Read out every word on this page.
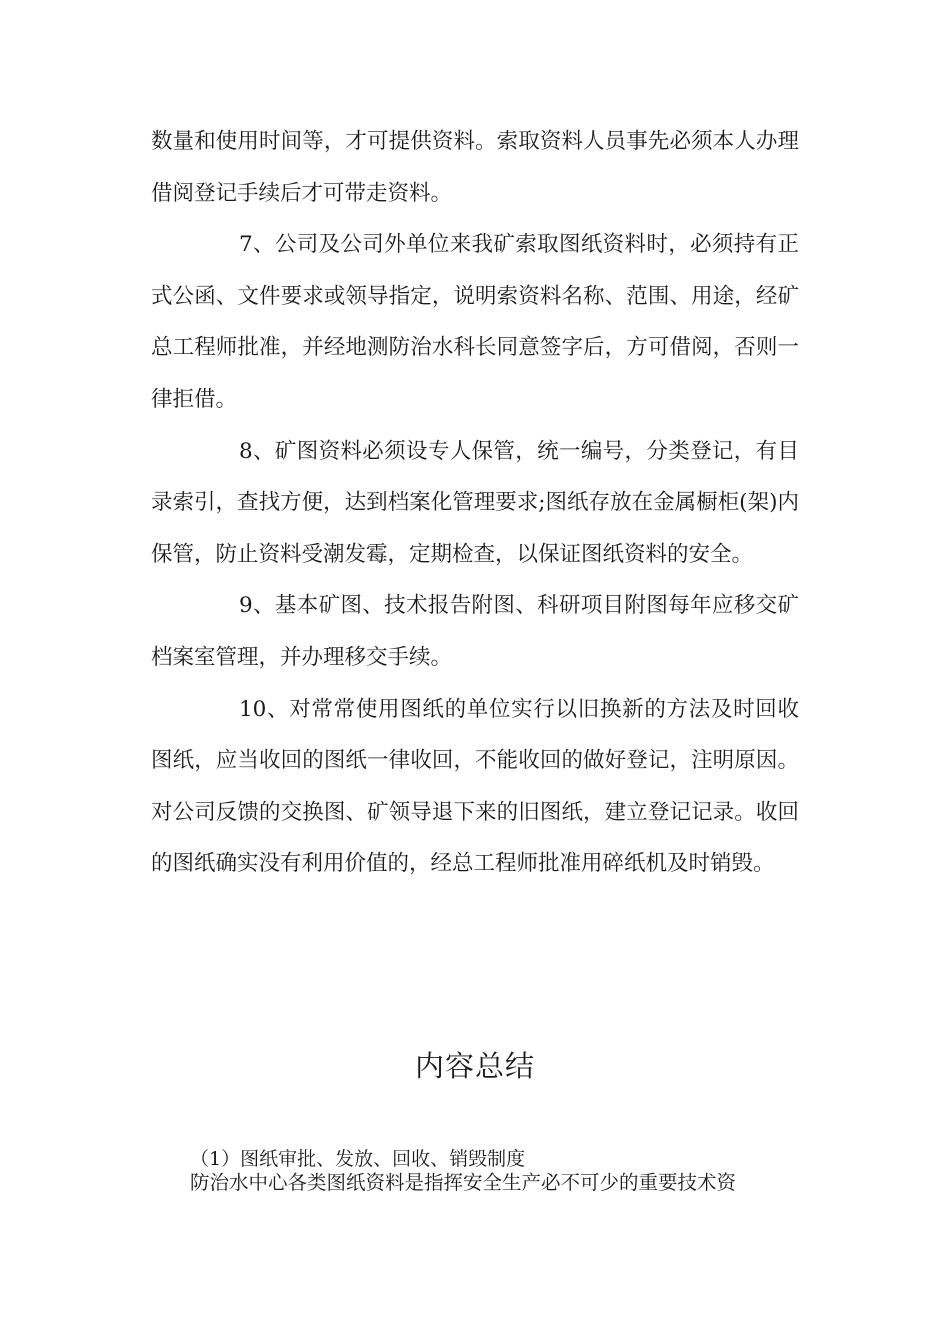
数量和使用时间等，才可提供资料。索取资料人员事先必须本人办理借阅登记手续后才可带走资料。

7、公司及公司外单位来我矿索取图纸资料时，必须持有正式公函、文件要求或领导指定，说明索资料名称、范围、用途，经矿总工程师批准，并经地测防治水科长同意签字后，方可借阅，否则一律拒借。

8、矿图资料必须设专人保管，统一编号，分类登记，有目录索引，查找方便，达到档案化管理要求;图纸存放在金属橱柜(架)内保管，防止资料受潮发霉，定期检查，以保证图纸资料的安全。

9、基本矿图、技术报告附图、科研项目附图每年应移交矿档案室管理，并办理移交手续。

10、对常常使用图纸的单位实行以旧换新的方法及时回收图纸，应当收回的图纸一律收回，不能收回的做好登记，注明原因。对公司反馈的交换图、矿领导退下来的旧图纸，建立登记记录。收回的图纸确实没有利用价值的，经总工程师批准用碎纸机及时销毁。

内容总结
（1）图纸审批、发放、回收、销毁制度
防治水中心各类图纸资料是指挥安全生产必不可少的重要技术资
